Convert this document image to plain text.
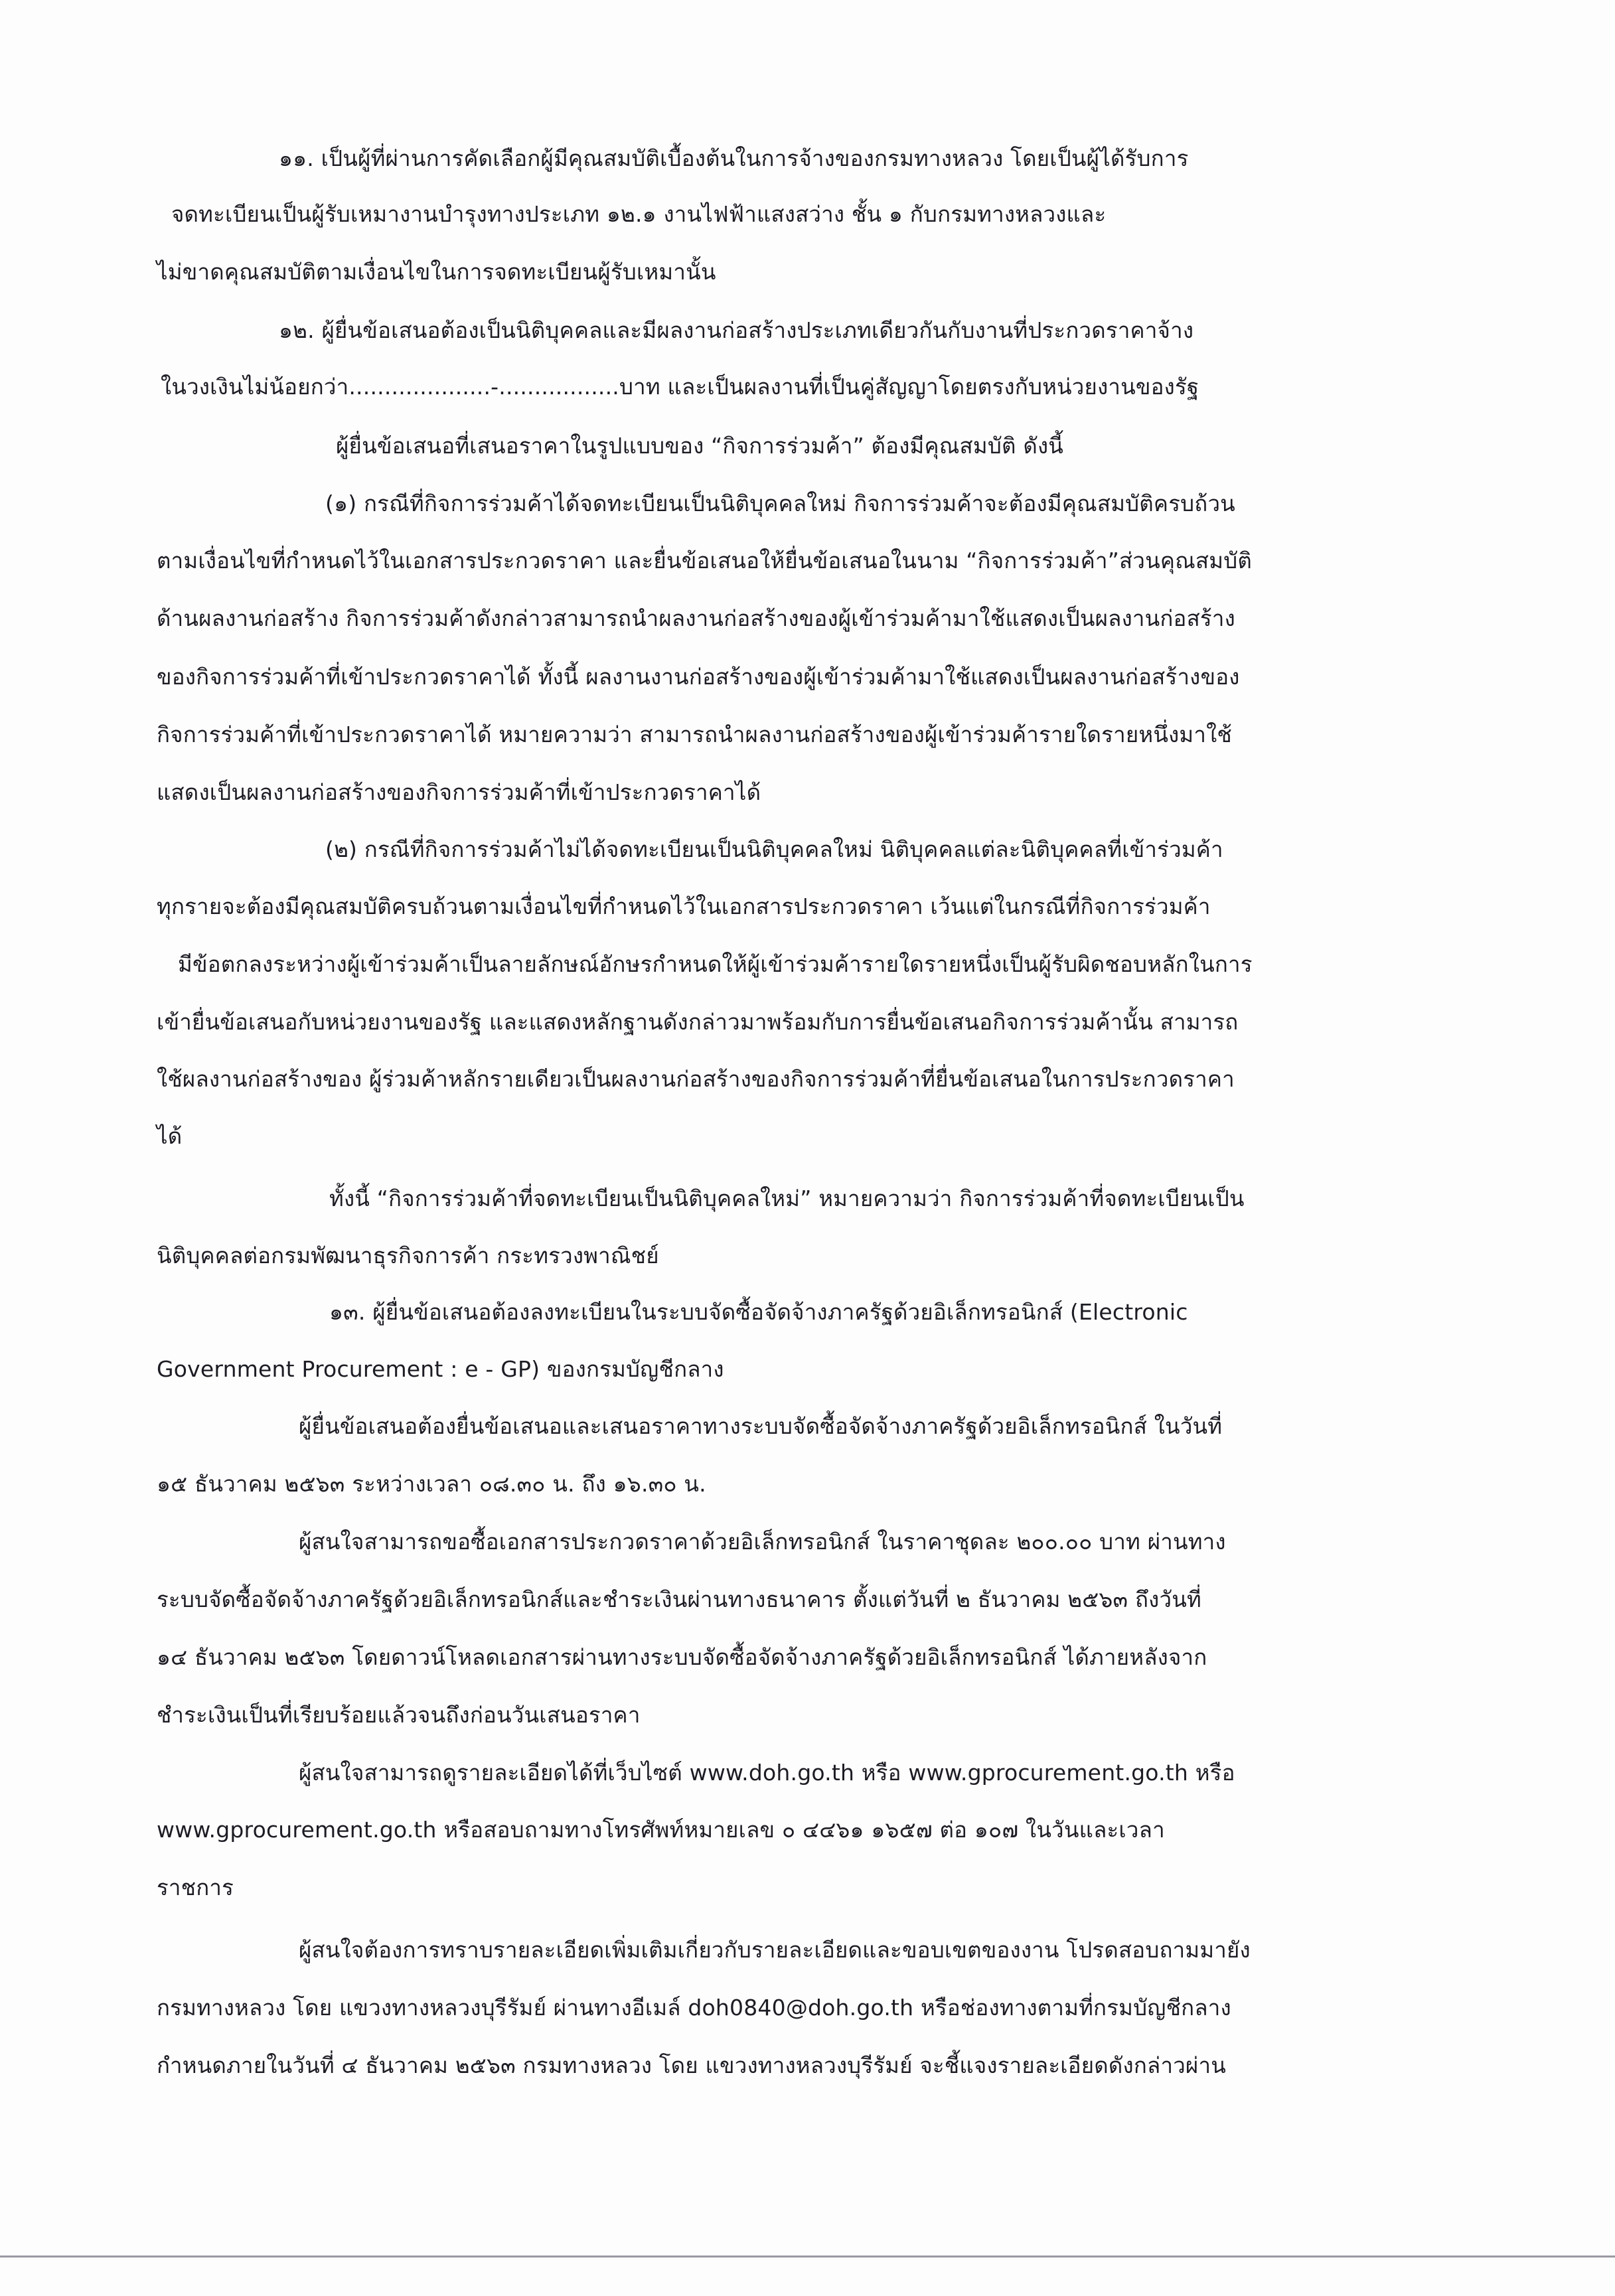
๑๑. เป็นผู้ที่ผ่านการคัดเลือกผู้มีคุณสมบัติเบื้องต้นในการจ้างของกรมทางหลวง โดยเป็นผู้ได้รับการ
จดทะเบียนเป็นผู้รับเหมางานบำรุงทางประเภท ๑๒.๑ งานไฟฟ้าแสงสว่าง ชั้น ๑ กับกรมทางหลวงและ
ไม่ขาดคุณสมบัติตามเงื่อนไขในการจดทะเบียนผู้รับเหมานั้น
๑๒. ผู้ยื่นข้อเสนอต้องเป็นนิติบุคคลและมีผลงานก่อสร้างประเภทเดียวกันกับงานที่ประกวดราคาจ้าง
ในวงเงินไม่น้อยกว่า....................-.................บาท และเป็นผลงานที่เป็นคู่สัญญาโดยตรงกับหน่วยงานของรัฐ
ผู้ยื่นข้อเสนอที่เสนอราคาในรูปแบบของ “กิจการร่วมค้า” ต้องมีคุณสมบัติ ดังนี้
(๑) กรณีที่กิจการร่วมค้าได้จดทะเบียนเป็นนิติบุคคลใหม่ กิจการร่วมค้าจะต้องมีคุณสมบัติครบถ้วน
ตามเงื่อนไขที่กำหนดไว้ในเอกสารประกวดราคา และยื่นข้อเสนอให้ยื่นข้อเสนอในนาม “กิจการร่วมค้า”ส่วนคุณสมบัติ
ด้านผลงานก่อสร้าง กิจการร่วมค้าดังกล่าวสามารถนำผลงานก่อสร้างของผู้เข้าร่วมค้ามาใช้แสดงเป็นผลงานก่อสร้าง
ของกิจการร่วมค้าที่เข้าประกวดราคาได้ ทั้งนี้ ผลงานงานก่อสร้างของผู้เข้าร่วมค้ามาใช้แสดงเป็นผลงานก่อสร้างของ
กิจการร่วมค้าที่เข้าประกวดราคาได้ หมายความว่า สามารถนำผลงานก่อสร้างของผู้เข้าร่วมค้ารายใดรายหนึ่งมาใช้
แสดงเป็นผลงานก่อสร้างของกิจการร่วมค้าที่เข้าประกวดราคาได้
(๒) กรณีที่กิจการร่วมค้าไม่ได้จดทะเบียนเป็นนิติบุคคลใหม่ นิติบุคคลแต่ละนิติบุคคลที่เข้าร่วมค้า
ทุกรายจะต้องมีคุณสมบัติครบถ้วนตามเงื่อนไขที่กำหนดไว้ในเอกสารประกวดราคา เว้นแต่ในกรณีที่กิจการร่วมค้า
มีข้อตกลงระหว่างผู้เข้าร่วมค้าเป็นลายลักษณ์อักษรกำหนดให้ผู้เข้าร่วมค้ารายใดรายหนึ่งเป็นผู้รับผิดชอบหลักในการ
เข้ายื่นข้อเสนอกับหน่วยงานของรัฐ และแสดงหลักฐานดังกล่าวมาพร้อมกับการยื่นข้อเสนอกิจการร่วมค้านั้น สามารถ
ใช้ผลงานก่อสร้างของ ผู้ร่วมค้าหลักรายเดียวเป็นผลงานก่อสร้างของกิจการร่วมค้าที่ยื่นข้อเสนอในการประกวดราคา
ได้
ทั้งนี้ “กิจการร่วมค้าที่จดทะเบียนเป็นนิติบุคคลใหม่” หมายความว่า กิจการร่วมค้าที่จดทะเบียนเป็น
นิติบุคคลต่อกรมพัฒนาธุรกิจการค้า กระทรวงพาณิชย์
๑๓. ผู้ยื่นข้อเสนอต้องลงทะเบียนในระบบจัดซื้อจัดจ้างภาครัฐด้วยอิเล็กทรอนิกส์ (Electronic
Government Procurement : e - GP) ของกรมบัญชีกลาง
ผู้ยื่นข้อเสนอต้องยื่นข้อเสนอและเสนอราคาทางระบบจัดซื้อจัดจ้างภาครัฐด้วยอิเล็กทรอนิกส์ ในวันที่
๑๕ ธันวาคม ๒๕๖๓ ระหว่างเวลา ๐๘.๓๐ น. ถึง ๑๖.๓๐ น.
ผู้สนใจสามารถขอซื้อเอกสารประกวดราคาด้วยอิเล็กทรอนิกส์ ในราคาชุดละ ๒๐๐.๐๐ บาท ผ่านทาง
ระบบจัดซื้อจัดจ้างภาครัฐด้วยอิเล็กทรอนิกส์และชำระเงินผ่านทางธนาคาร ตั้งแต่วันที่ ๒ ธันวาคม ๒๕๖๓ ถึงวันที่
๑๔ ธันวาคม ๒๕๖๓ โดยดาวน์โหลดเอกสารผ่านทางระบบจัดซื้อจัดจ้างภาครัฐด้วยอิเล็กทรอนิกส์ ได้ภายหลังจาก
ชำระเงินเป็นที่เรียบร้อยแล้วจนถึงก่อนวันเสนอราคา
ผู้สนใจสามารถดูรายละเอียดได้ที่เว็บไซต์ www.doh.go.th หรือ www.gprocurement.go.th หรือ
www.gprocurement.go.th หรือสอบถามทางโทรศัพท์หมายเลข ๐ ๔๔๖๑ ๑๖๕๗ ต่อ ๑๐๗ ในวันและเวลา
ราชการ
ผู้สนใจต้องการทราบรายละเอียดเพิ่มเติมเกี่ยวกับรายละเอียดและขอบเขตของงาน โปรดสอบถามมายัง
กรมทางหลวง โดย แขวงทางหลวงบุรีรัมย์ ผ่านทางอีเมล์ doh0840@doh.go.th หรือช่องทางตามที่กรมบัญชีกลาง
กำหนดภายในวันที่ ๔ ธันวาคม ๒๕๖๓ กรมทางหลวง โดย แขวงทางหลวงบุรีรัมย์ จะชี้แจงรายละเอียดดังกล่าวผ่าน
